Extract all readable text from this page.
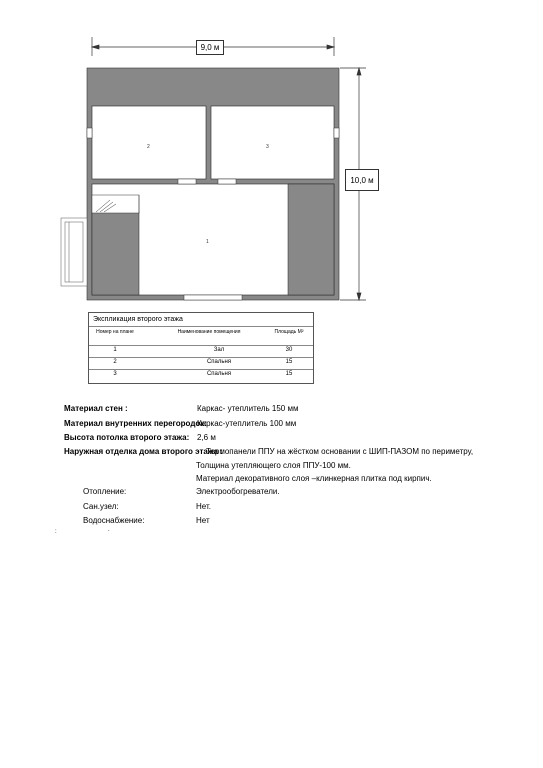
2	3
1
9,0 м
10,0 м
Экспликация второго этажа
Номер на плане	Наименование помещения	Площадь М²
1	Зал	30
2	Спальня	15
3	Спальня	15
Материал стен :	Каркас- утеплитель 150 мм
Материал внутренних перегородок:
Каркас-утеплитель 100 мм
Высота потолка второго этажа: 2,6 м
Наружная отделка дома второго этажа :
Термопанели ППУ на жёстком основании с ШИП-ПАЗОМ по периметру,
Толщина утепляющего слоя ППУ-100 мм.
Материал декоративного слоя –клинкерная плитка под кирпич.
Отопление:	Электрообогреватели.
Сан.узел:	Нет.
Водоснабжение:	Нет
:	.
